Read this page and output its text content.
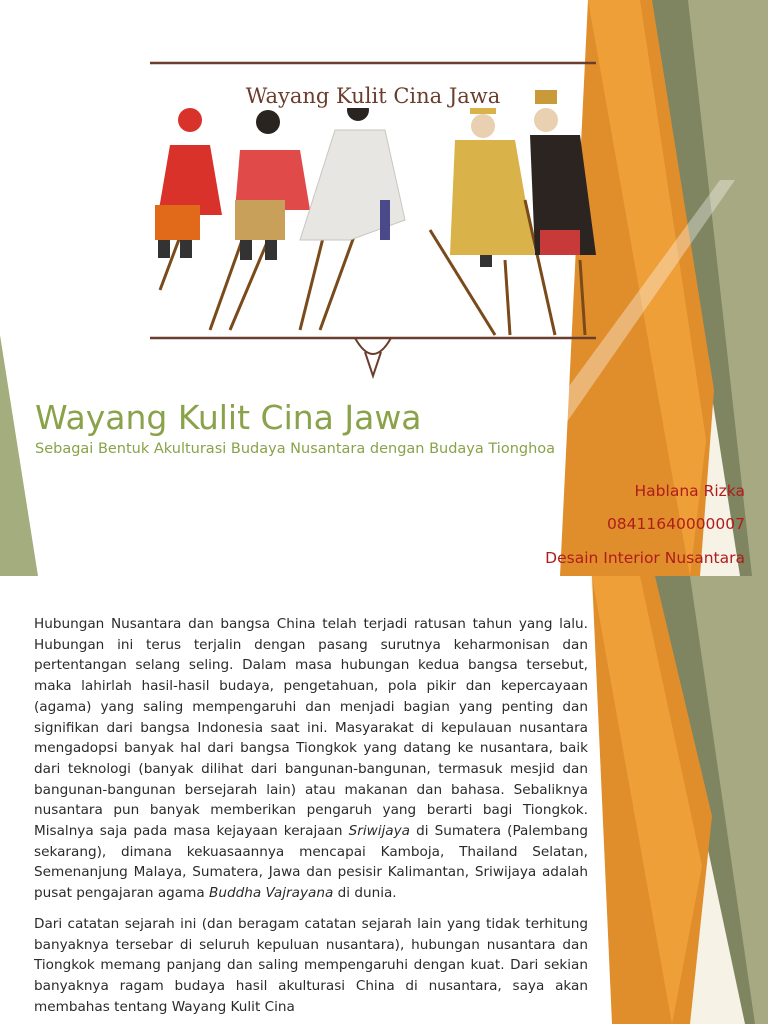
Wayang Kulit Cina Jawa
Wayang Kulit Cina Jawa
Sebagai Bentuk Akulturasi Budaya Nusantara dengan Budaya Tionghoa
Hablana Rizka
08411640000007
Desain Interior Nusantara

Hubungan Nusantara dan bangsa China telah terjadi ratusan tahun yang lalu. Hubungan ini terus terjalin dengan pasang surutnya keharmonisan dan pertentangan selang seling. Dalam masa hubungan kedua bangsa tersebut, maka lahirlah hasil-hasil budaya, pengetahuan, pola pikir dan kepercayaan (agama) yang saling mempengaruhi dan menjadi bagian yang penting dan signifikan dari bangsa Indonesia saat ini. Masyarakat di kepulauan nusantara mengadopsi banyak hal dari bangsa Tiongkok yang datang ke nusantara, baik dari teknologi (banyak dilihat dari bangunan-bangunan, termasuk mesjid dan bangunan-bangunan bersejarah lain) atau makanan dan bahasa. Sebaliknya nusantara pun banyak memberikan pengaruh yang berarti bagi Tiongkok. Misalnya saja pada masa kejayaan kerajaan Sriwijaya di Sumatera (Palembang sekarang), dimana kekuasaannya mencapai Kamboja, Thailand Selatan, Semenanjung Malaya, Sumatera, Jawa dan pesisir Kalimantan, Sriwijaya adalah pusat pengajaran agama Buddha Vajrayana di dunia.

Dari catatan sejarah ini (dan beragam catatan sejarah lain yang tidak terhitung banyaknya tersebar di seluruh kepuluan nusantara), hubungan nusantara dan Tiongkok memang panjang dan saling mempengaruhi dengan kuat. Dari sekian banyaknya ragam budaya hasil akulturasi China di nusantara, saya akan membahas tentang Wayang Kulit Cina
